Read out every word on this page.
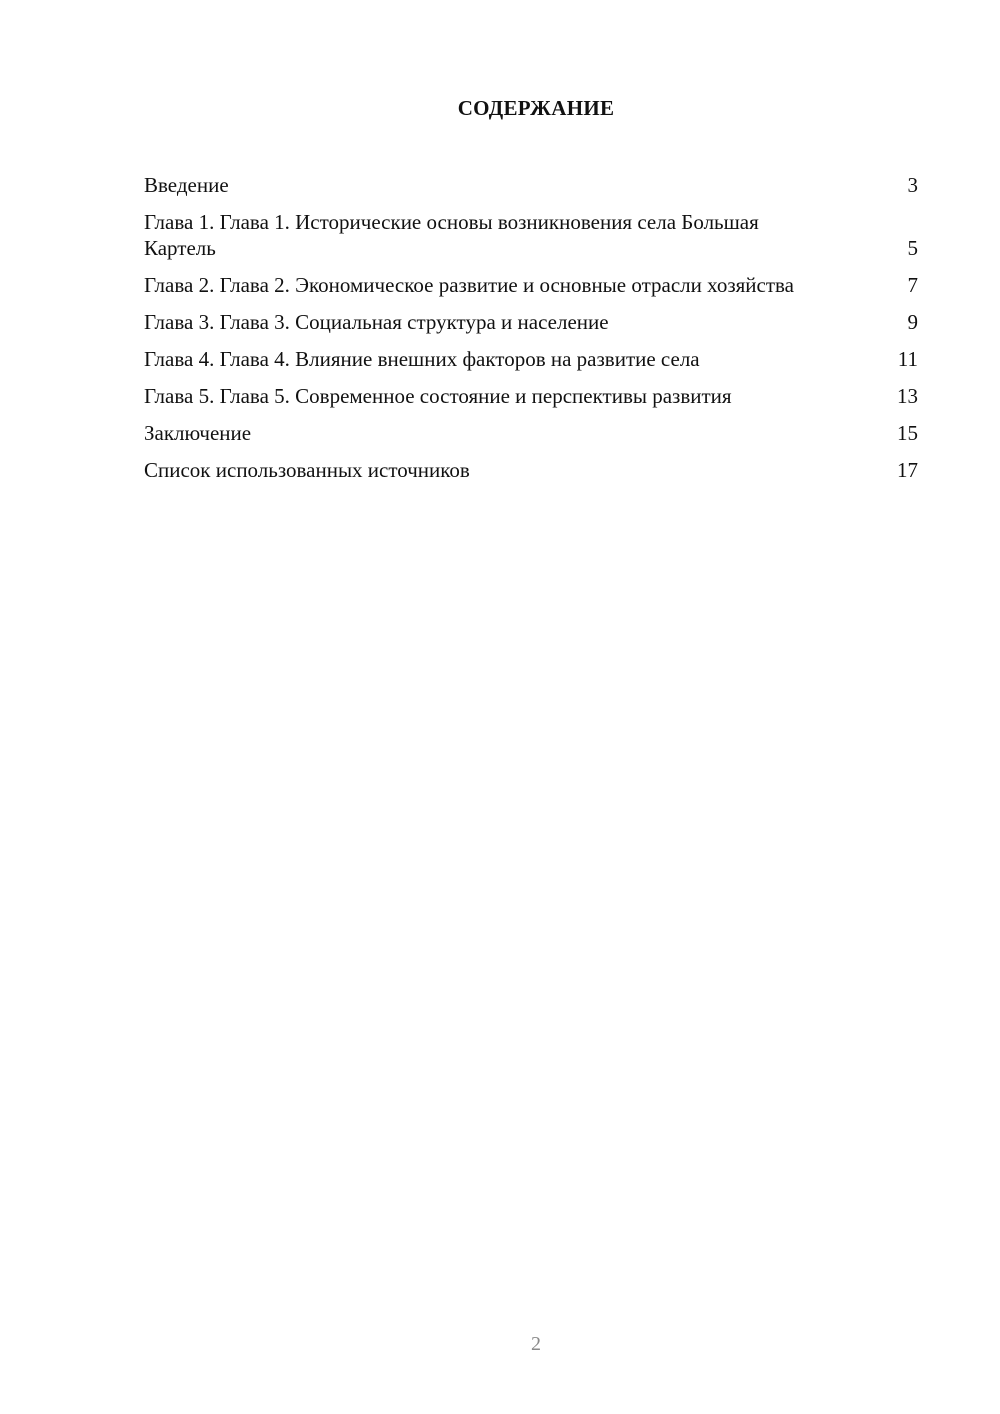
СОДЕРЖАНИЕ
Введение	3
Глава 1. Глава 1. Исторические основы возникновения села Большая Картель	5
Глава 2. Глава 2. Экономическое развитие и основные отрасли хозяйства	7
Глава 3. Глава 3. Социальная структура и население	9
Глава 4. Глава 4. Влияние внешних факторов на развитие села	11
Глава 5. Глава 5. Современное состояние и перспективы развития	13
Заключение	15
Список использованных источников	17
2
